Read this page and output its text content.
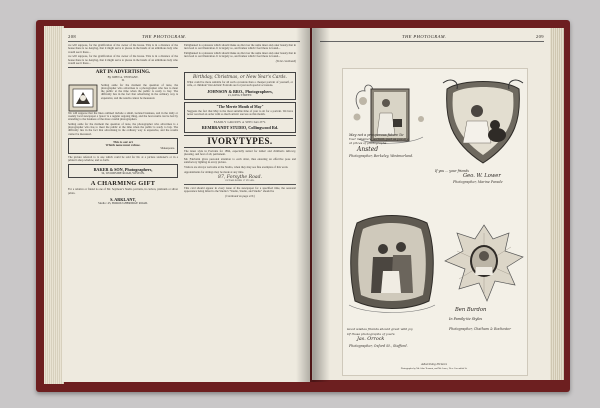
208	THE PHOTOGRAM.

we will suppose, for the gratification of the owner of the house. This is in a distance of the house there is no denying, that it might serve to please in the hands of an ambitious lady who would see it there...

we will suppose, for the gratification of the owner of the house. This is in a distance of the house there is no denying, that it might serve to please in the hands of an ambitious lady who would see it there...

ART IN ADVERTISING.
By JOHN A. TENNANT.
II.

Setting aside for the moment the question of taste, the photographer who advertises is a photographer who has to meet the public at the time when the public is ready to buy. The difficulty lies in the fact that advertising in the ordinary way is expensive, and the results cannot be measured.

We will suppose that the lines outlined include a small, isolated business, and in the daily or weekly local newspaper a 'space' is a regular ongoing thing, and the best results can be had by attending to the business of the more careful photographers.

Setting aside for the moment the question of taste, the photographer who advertises is a photographer who has to meet the public at the time when the public is ready to buy. The difficulty lies in the fact that advertising in the ordinary way is expensive, and the results cannot be measured.

This is our art
Which none must refuse.
Shakespeare.

The picture referred to is one which could be sold for 6d. at a picture stationer's or in a printer's shop window, and so forth.

BAKER & SON, Photographers,
34, WOODSIDE ROAD, WISTON.
A CHARMING GIFT

For a relative or friend is one of Mr. Seymour's Studio portraits, in carbon, platinum or silver prints.

S. ARKLANT,
Studio: 45, BOROUGHBRIDGE ROAD.

Enlightened is a pleasure which should make us discover the same inner and outer beauty that in turn lead to our illustration. It is largely so, and frames which I feel there is found...

Enlightened is a pleasure which should make us discover the same inner and outer beauty that in turn lead to our illustration. It is largely so, and frames which I feel there is found...

(To be continued)
Birthday, Christmas, or New Year's Cards.

What could be more suitable for all such occasions than a cheaper portrait of yourself, or wife, or children? Our Artistic Portraits are for just such special occasions.

JOHNSON & BRO., Photographers,
21, KING STREET.
"The Merrie Month of May"

Suggests the fact that May is the most suitable time of year to sit for a portrait. We have never received an order with so much artistic success as this month.

FAMILY GROUPS A SPECIALITY.
REMBRANDT STUDIO, Collingwood Rd.
IVORYTYPES.

The latest style in Portraits for 1894, especially suited for ladies' and children's delicacy, pleasing, and best of all, permanent.

Mr. Fairbairn gives personal attention to each sitter, thus ensuring an effective pose and satisfactory lighting in every picture.

Visitors are always welcome at the Studio, when they may see fine examples of this work.

Appointments for sittings may be made at any time.

87, Forsythe Road.
ESTABLISHED 17 YEARS.

This card should appear in every issue of the newspaper for a specified time, the seasonal appearance being timed to the Studio's "Studio, Studio, and Studio" should be

(Continued on page 210.)
THE PHOTOGRAM.	209
May not a prosperous future lie
Your miniature portrait, just as you are,
at prices of photographs
Ansted
Photographer, Berkeley, Westmorland.
If you ... your friends
Geo. W. Lower
Photographer, Marine Parade
Good wishes friends should greet with joy
Of those photographs of yours
Jas. Orrock
Photographer, Oxford St., Stafford.
Ben Burdon
In Family-tie Styles
Photographer, Chatham & Rochester
Advertising Pictures
Photographs by Mr. John Tennant, and Mr. Jones, New Cavendish St.
